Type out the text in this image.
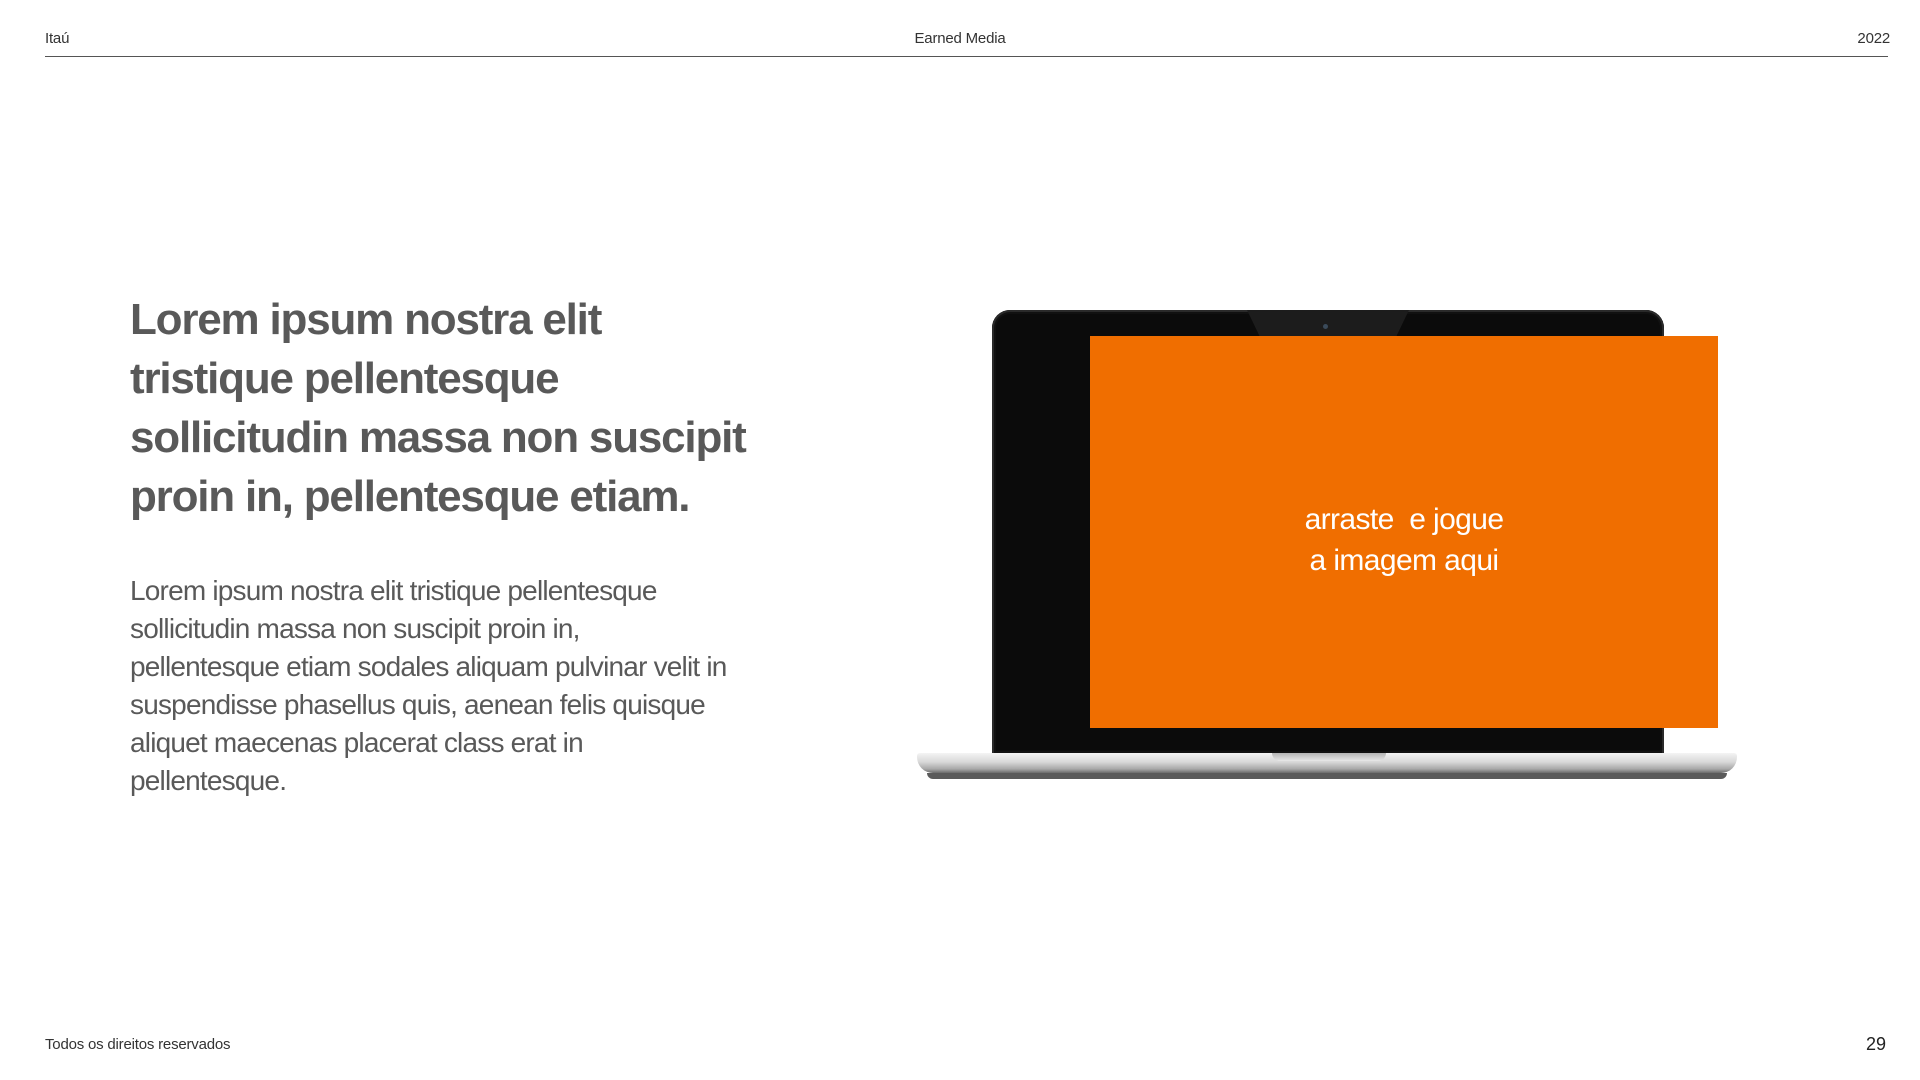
Itaú	Earned Media	2022
Lorem ipsum nostra elit tristique pellentesque sollicitudin massa non suscipit proin in, pellentesque etiam.

Lorem ipsum nostra elit tristique pellentesque sollicitudin massa non suscipit proin in, pellentesque etiam sodales aliquam pulvinar velit in suspendisse phasellus quis, aenean felis quisque aliquet maecenas placerat class erat in pellentesque.

arraste  e jogue
a imagem aqui
Todos os direitos reservados	29
